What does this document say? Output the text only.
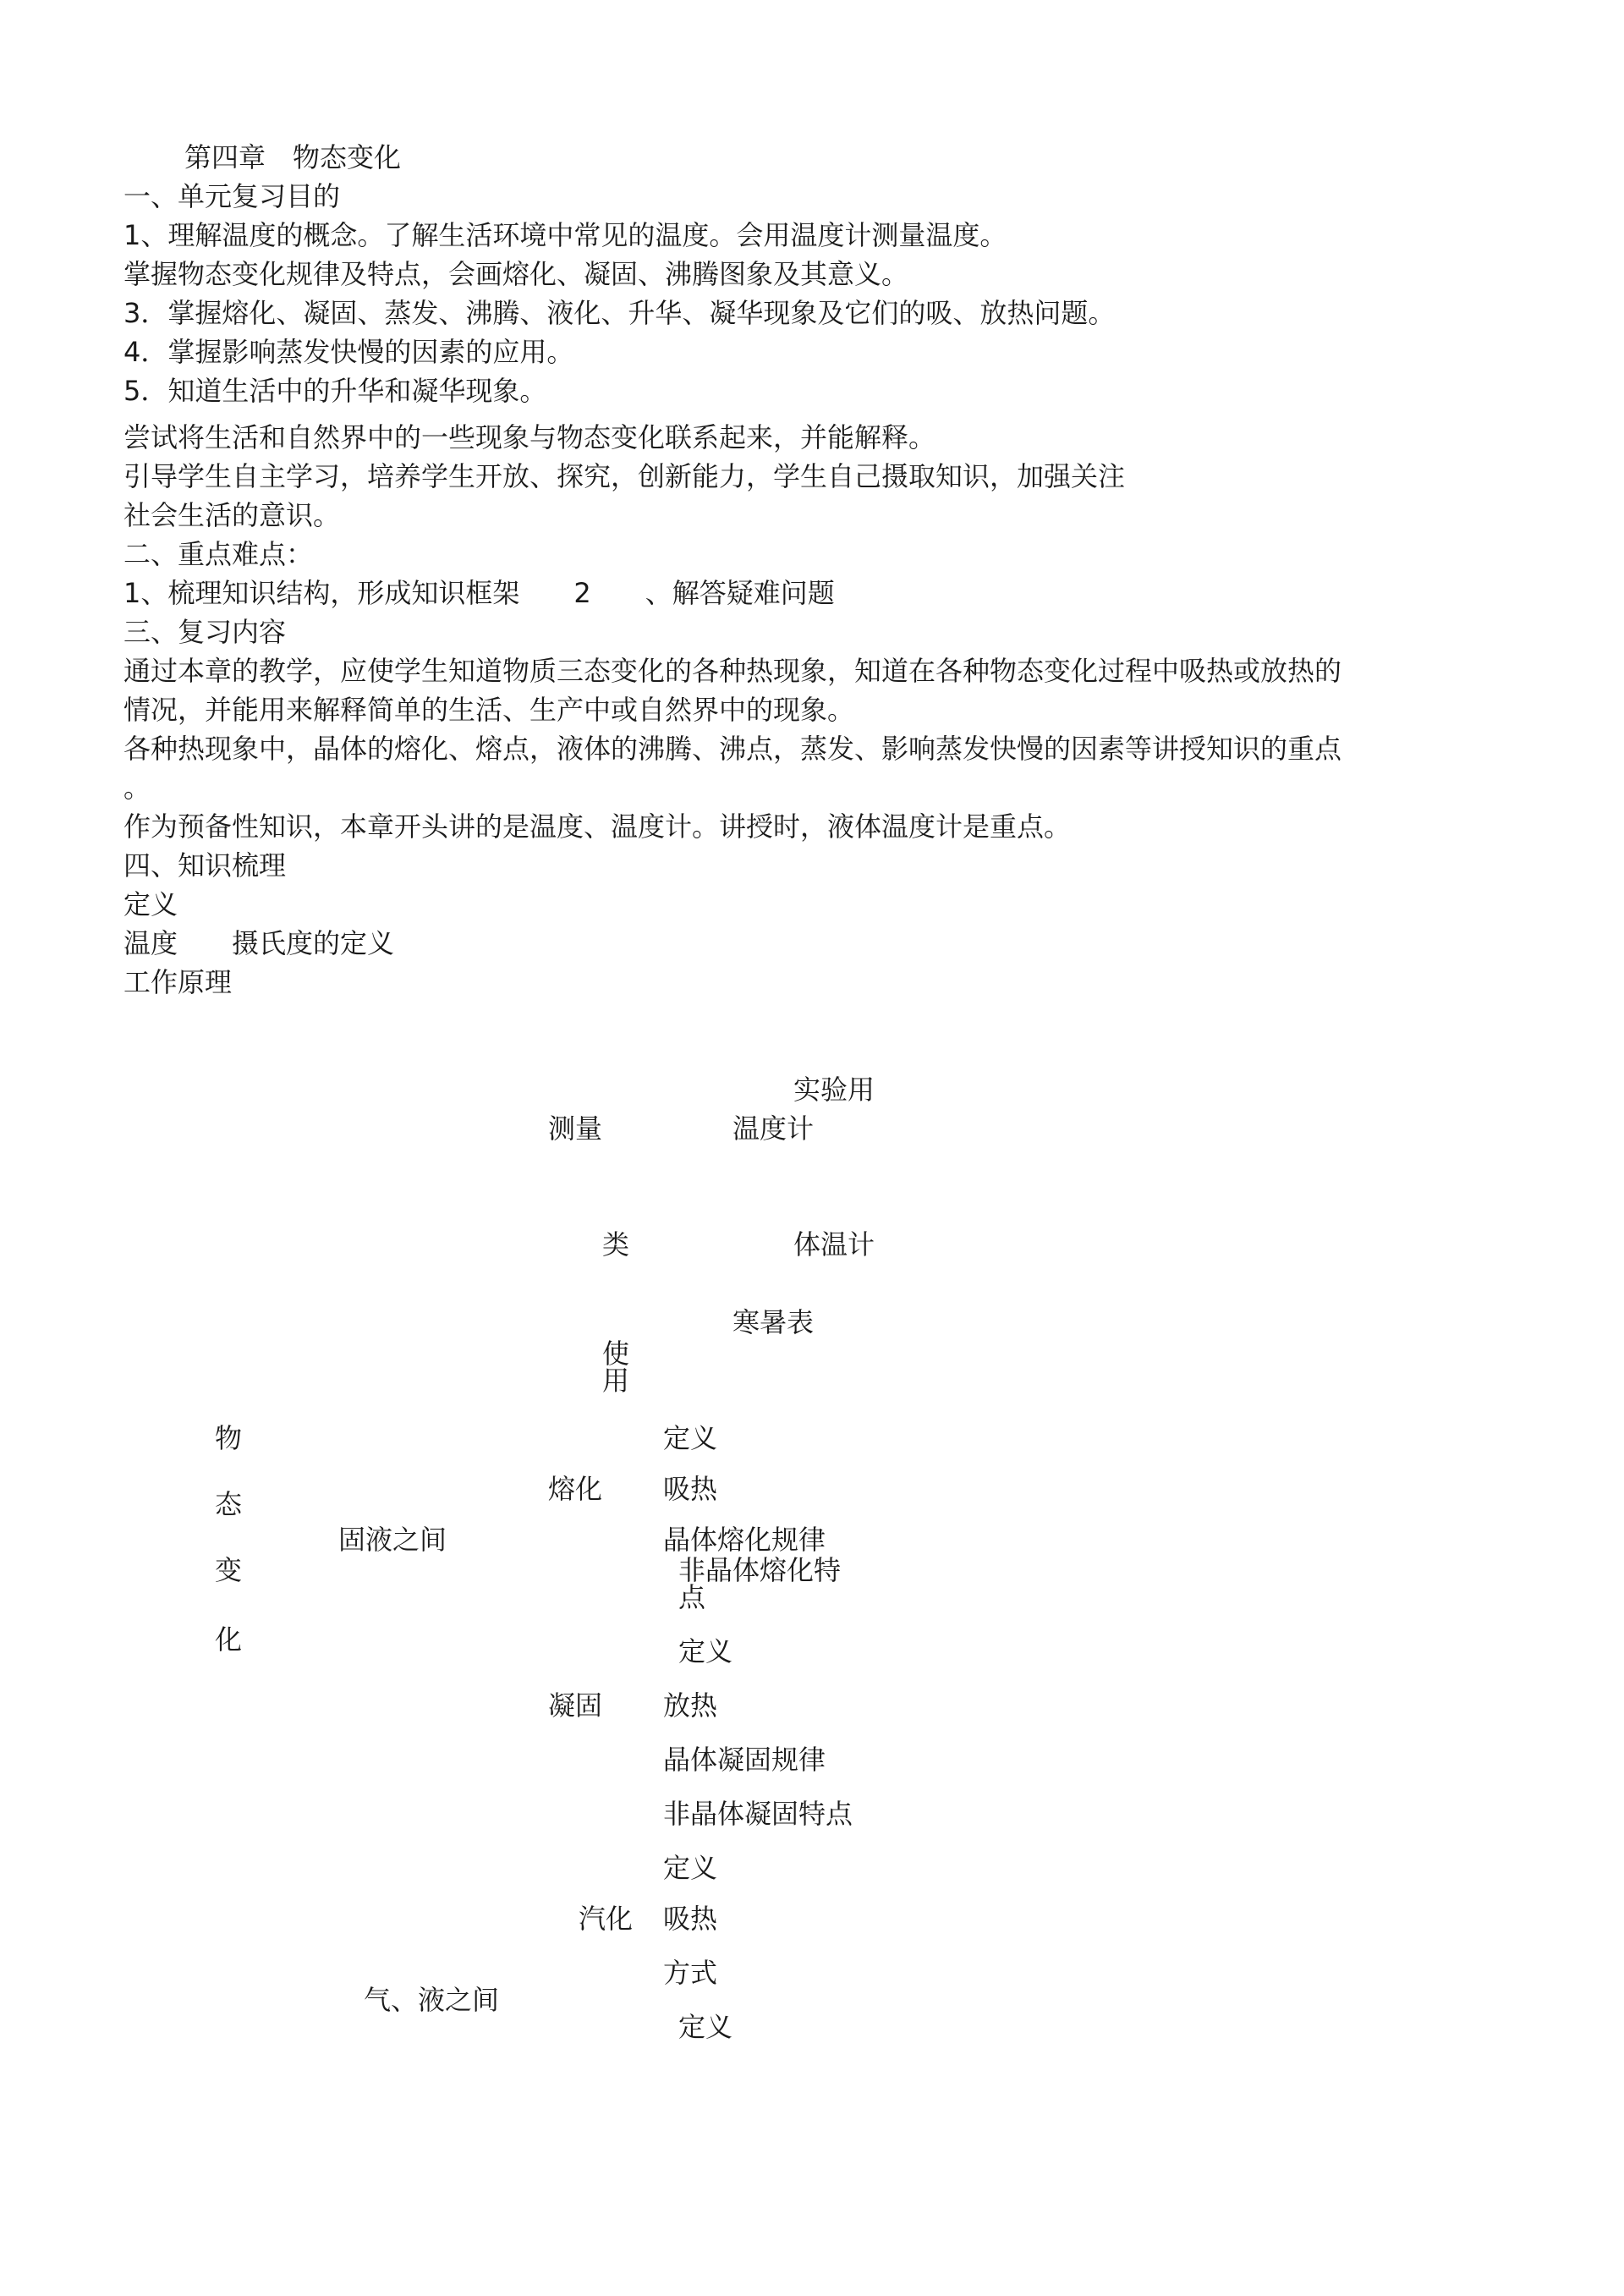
第四章　物态变化
一、单元复习目的
1、理解温度的概念。了解生活环境中常见的温度。会用温度计测量温度。
掌握物态变化规律及特点，会画熔化、凝固、沸腾图象及其意义。
3．掌握熔化、凝固、蒸发、沸腾、液化、升华、凝华现象及它们的吸、放热问题。
4．掌握影响蒸发快慢的因素的应用。
5．知道生活中的升华和凝华现象。
尝试将生活和自然界中的一些现象与物态变化联系起来，并能解释。
引导学生自主学习，培养学生开放、探究，创新能力，学生自己摄取知识，加强关注
社会生活的意识。
二、重点难点：
1、梳理知识结构，形成知识框架　　2　　、解答疑难问题
三、复习内容
通过本章的教学，应使学生知道物质三态变化的各种热现象，知道在各种物态变化过程中吸热或放热的
情况，并能用来解释简单的生活、生产中或自然界中的现象。
各种热现象中，晶体的熔化、熔点，液体的沸腾、沸点，蒸发、影响蒸发快慢的因素等讲授知识的重点
。
作为预备性知识，本章开头讲的是温度、温度计。讲授时，液体温度计是重点。
四、知识梳理
定义
温度　　摄氏度的定义
工作原理
实验用
测量	温度计
类	体温计
寒暑表
使
用
物
态
变
化
固液之间
熔化
定义
吸热
晶体熔化规律
非晶体熔化特
点
定义
凝固 放热
晶体凝固规律
非晶体凝固特点
定义
汽化 吸热
方式
气、液之间
定义
